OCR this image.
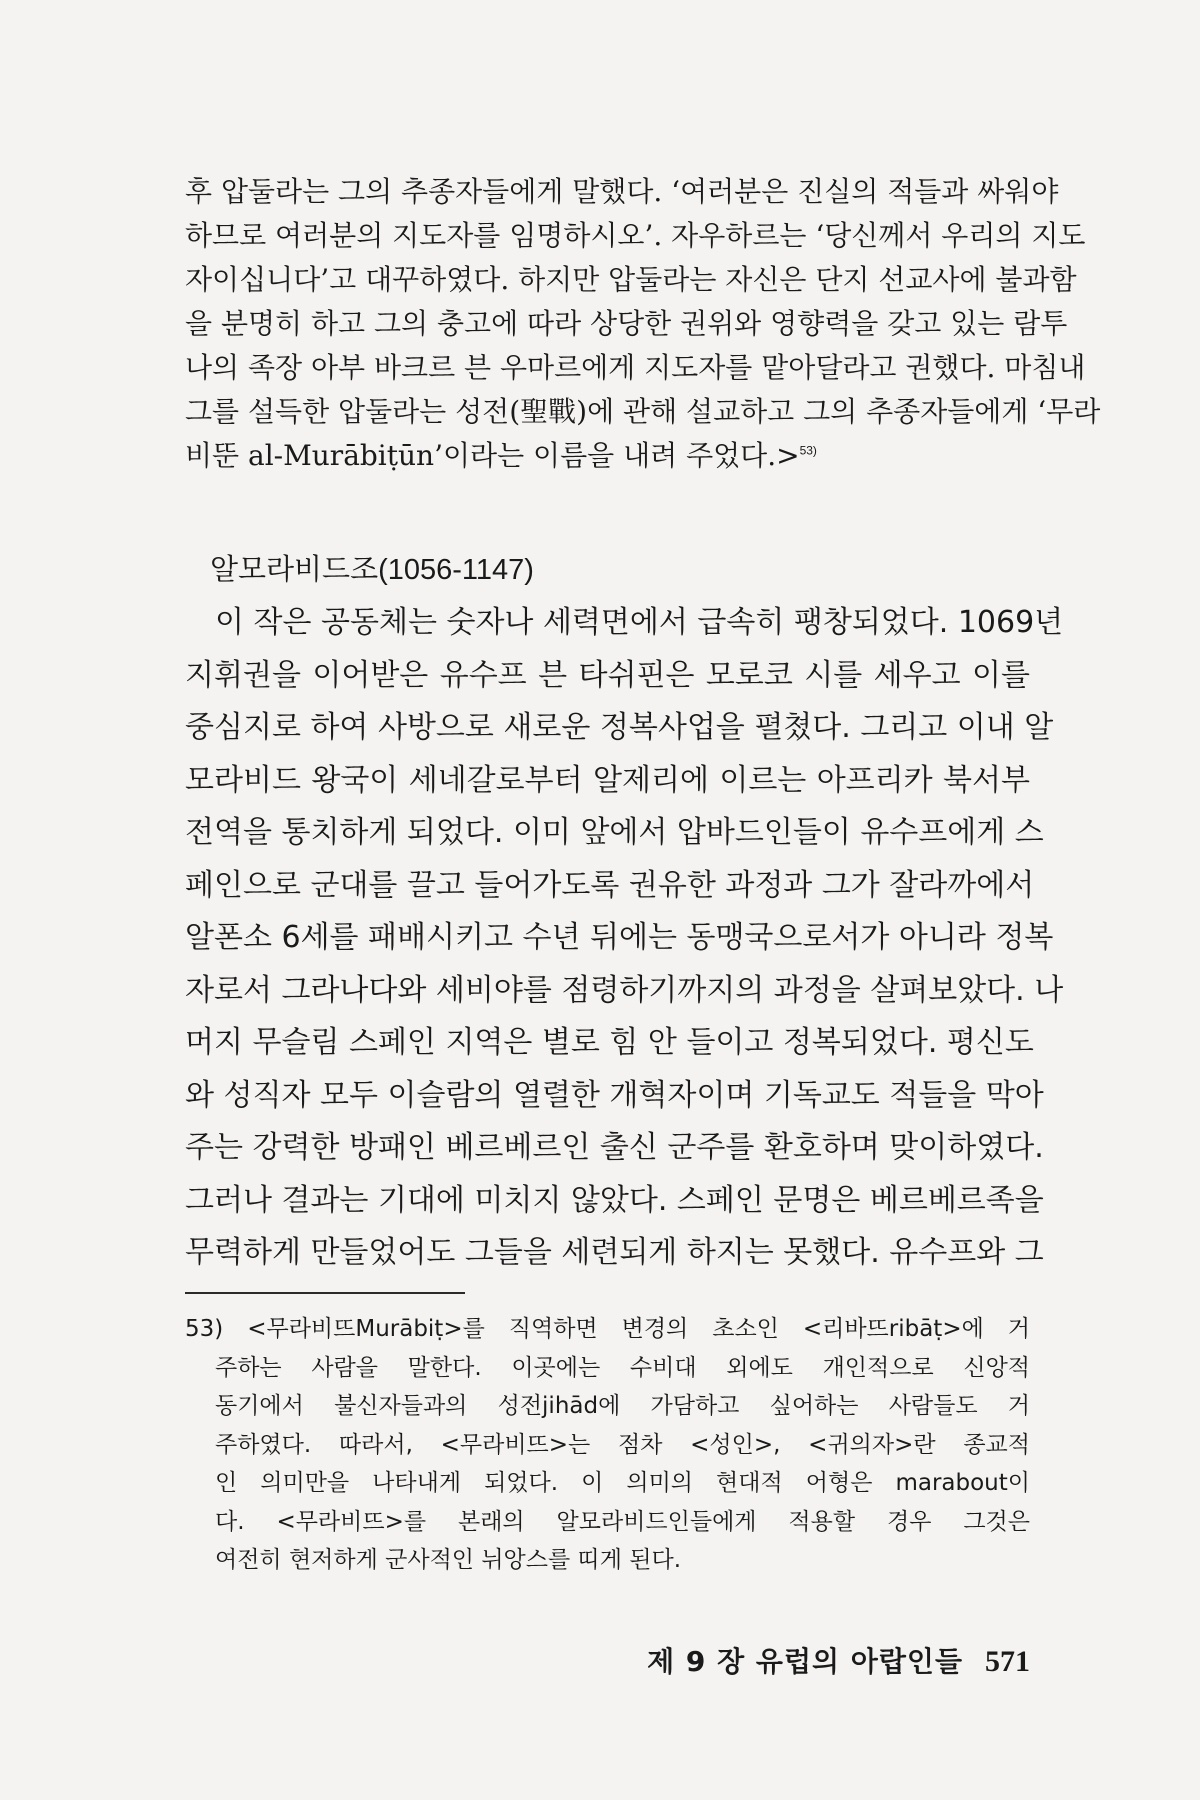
후 압둘라는 그의 추종자들에게 말했다. ‘여러분은 진실의 적들과 싸워야
하므로 여러분의 지도자를 임명하시오’. 자우하르는 ‘당신께서 우리의 지도
자이십니다’고 대꾸하였다. 하지만 압둘라는 자신은 단지 선교사에 불과함
을 분명히 하고 그의 충고에 따라 상당한 권위와 영향력을 갖고 있는 람투
나의 족장 아부 바크르 븐 우마르에게 지도자를 맡아달라고 권했다. 마침내
그를 설득한 압둘라는 성전(聖戰)에 관해 설교하고 그의 추종자들에게 ‘무라
비뚠 al-Murābiṭūn’이라는 이름을 내려 주었다.>$^{53)}$
알모라비드조(1056-1147)
이 작은 공동체는 숫자나 세력면에서 급속히 팽창되었다. 1069년
지휘권을 이어받은 유수프 븐 타쉬핀은 모로코 시를 세우고 이를
중심지로 하여 사방으로 새로운 정복사업을 펼쳤다. 그리고 이내 알
모라비드 왕국이 세네갈로부터 알제리에 이르는 아프리카 북서부
전역을 통치하게 되었다. 이미 앞에서 압바드인들이 유수프에게 스
페인으로 군대를 끌고 들어가도록 권유한 과정과 그가 잘라까에서
알폰소 6세를 패배시키고 수년 뒤에는 동맹국으로서가 아니라 정복
자로서 그라나다와 세비야를 점령하기까지의 과정을 살펴보았다. 나
머지 무슬림 스페인 지역은 별로 힘 안 들이고 정복되었다. 평신도
와 성직자 모두 이슬람의 열렬한 개혁자이며 기독교도 적들을 막아
주는 강력한 방패인 베르베르인 출신 군주를 환호하며 맞이하였다.
그러나 결과는 기대에 미치지 않았다. 스페인 문명은 베르베르족을
무력하게 만들었어도 그들을 세련되게 하지는 못했다. 유수프와 그
53) <무라비뜨Murābiṭ>를 직역하면 변경의 초소인 <리바뜨ribāṭ>에 거
주하는 사람을 말한다. 이곳에는 수비대 외에도 개인적으로 신앙적
동기에서 불신자들과의 성전jihād에 가담하고 싶어하는 사람들도 거
주하였다. 따라서, <무라비뜨>는 점차 <성인>, <귀의자>란 종교적
인 의미만을 나타내게 되었다. 이 의미의 현대적 어형은 marabout이
다. <무라비뜨>를 본래의 알모라비드인들에게 적용할 경우 그것은
여전히 현저하게 군사적인 뉘앙스를 띠게 된다.
제 9 장 유럽의 아랍인들 571
